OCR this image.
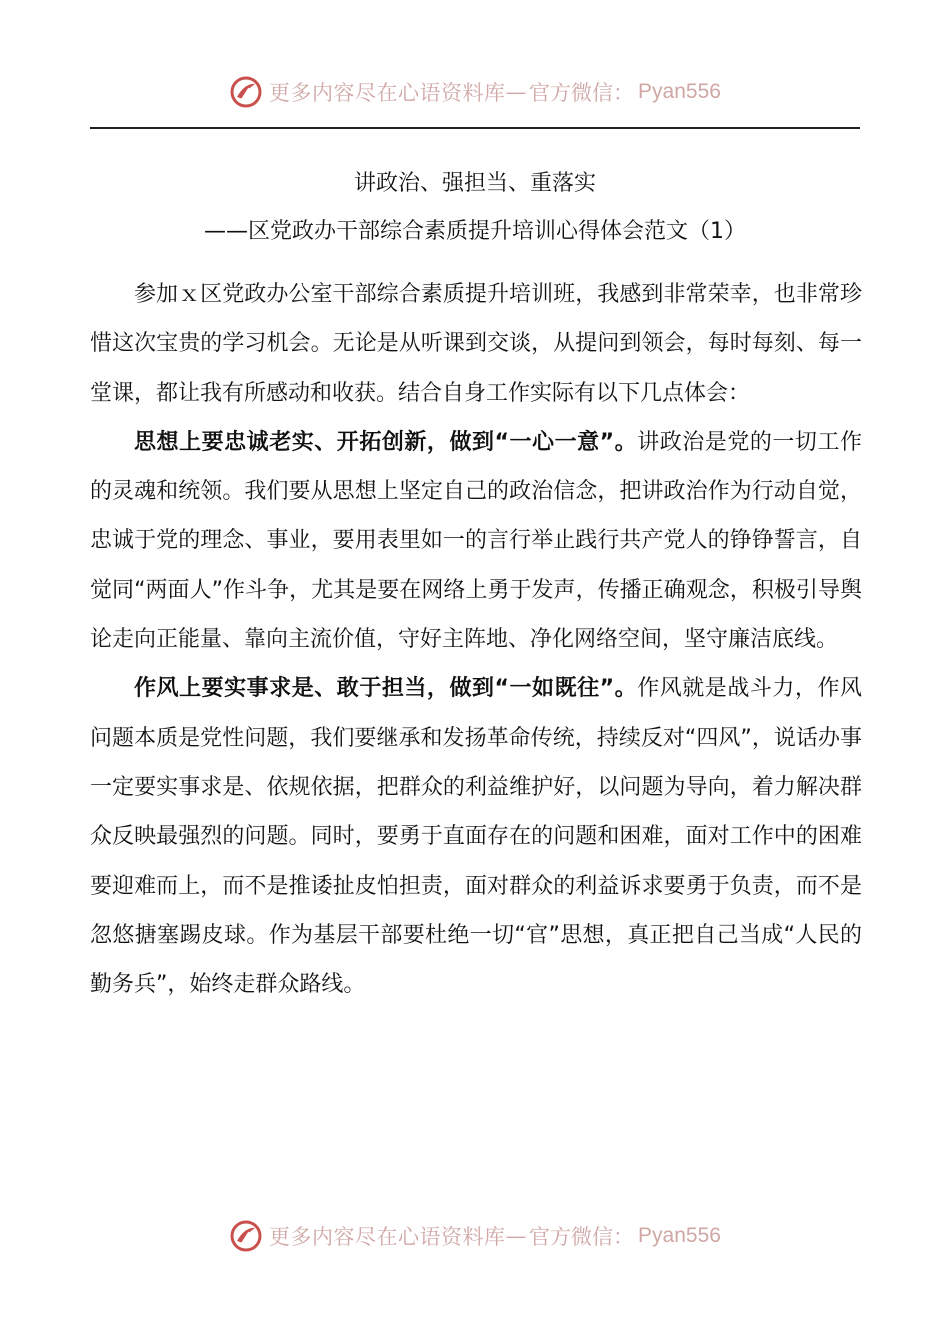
更多内容尽在心语资料库 — 官方微信： Pyan556
讲政治、强担当、重落实
——区党政办干部综合素质提升培训心得体会范文（1）

参加ｘ区党政办公室干部综合素质提升培训班，我感到非常荣幸，也非常珍惜这次宝贵的学习机会。无论是从听课到交谈，从提问到领会，每时每刻、每一堂课，都让我有所感动和收获。结合自身工作实际有以下几点体会：

思想上要忠诚老实、开拓创新，做到“一心一意”。讲政治是党的一切工作的灵魂和统领。我们要从思想上坚定自己的政治信念，把讲政治作为行动自觉，忠诚于党的理念、事业，要用表里如一的言行举止践行共产党人的铮铮誓言，自觉同“两面人”作斗争，尤其是要在网络上勇于发声，传播正确观念，积极引导舆论走向正能量、靠向主流价值，守好主阵地、净化网络空间，坚守廉洁底线。

作风上要实事求是、敢于担当，做到“一如既往”。作风就是战斗力，作风问题本质是党性问题，我们要继承和发扬革命传统，持续反对“四风”，说话办事一定要实事求是、依规依据，把群众的利益维护好，以问题为导向，着力解决群众反映最强烈的问题。同时，要勇于直面存在的问题和困难，面对工作中的困难要迎难而上，而不是推诿扯皮怕担责，面对群众的利益诉求要勇于负责，而不是忽悠搪塞踢皮球。作为基层干部要杜绝一切“官”思想，真正把自己当成“人民的勤务兵”，始终走群众路线。

更多内容尽在心语资料库 — 官方微信： Pyan556
